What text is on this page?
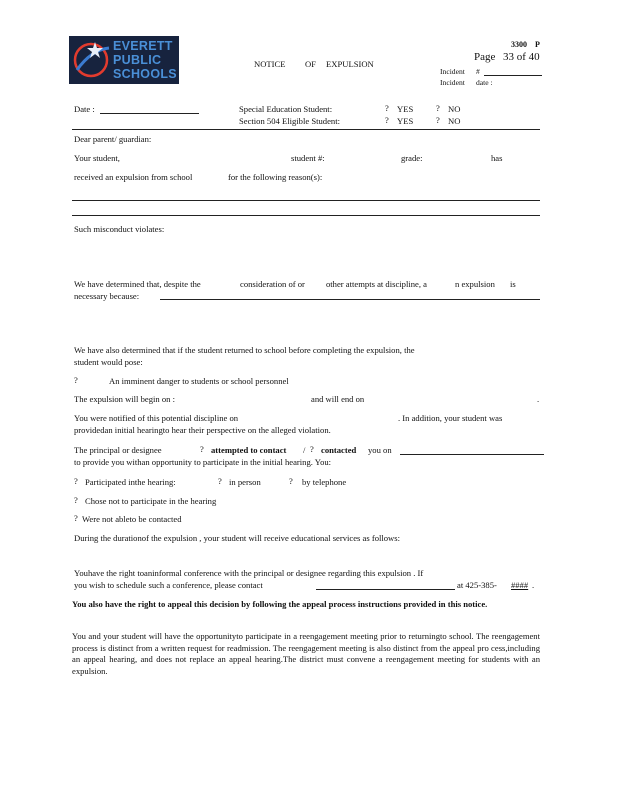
EVERETT
PUBLIC
SCHOOLS
3300 P
Page 33 of 40
NOTICE OF EXPULSION
Incident #
Incident date :
Date :	Special Education Student:	? YES	? NO
Section 504 Eligible Student:	? YES	? NO
Dear parent/ guardian:
Your student,	student #:	grade:	has
received an expulsion from school	for the following reason(s):
Such misconduct violates:
We have determined that, despite the	consideration of or other attempts at discipline, a	n expulsion is
necessary because:
We have also determined that if the student returned to school before completing the expulsion, the
student would pose:
?	An imminent danger to students or school personnel
The expulsion will begin on :	and will end on	.
You were notified of this potential discipline on	. In addition, your student was
providedan initial hearingto hear their perspective on the alleged violation.
The principal or designee	? attempted to contact / ? contacted you on
to provide you withan opportunity to participate in the initial hearing. You:
? Participated inthe hearing:	? in person	? by telephone
? Chose not to participate in the hearing
? Were not ableto be contacted
During the durationof the expulsion , your student will receive educational services as follows:
Youhave the right toaninformal conference with the principal or designee regarding this expulsion . If
you wish to schedule such a conference, please contact	at 425-385- #### .
You also have the right to appeal this decision by following the appeal process instructions provided in this notice.
You and your student will have the opportunityto participate in a reengagement meeting prior to returningto school. The reengagement process is distinct from a written request for readmission. The reengagement meeting is also distinct from the appeal pro cess,including an appeal hearing, and does not replace an appeal hearing.The district must convene a reengagement meeting for students with an expulsion.
